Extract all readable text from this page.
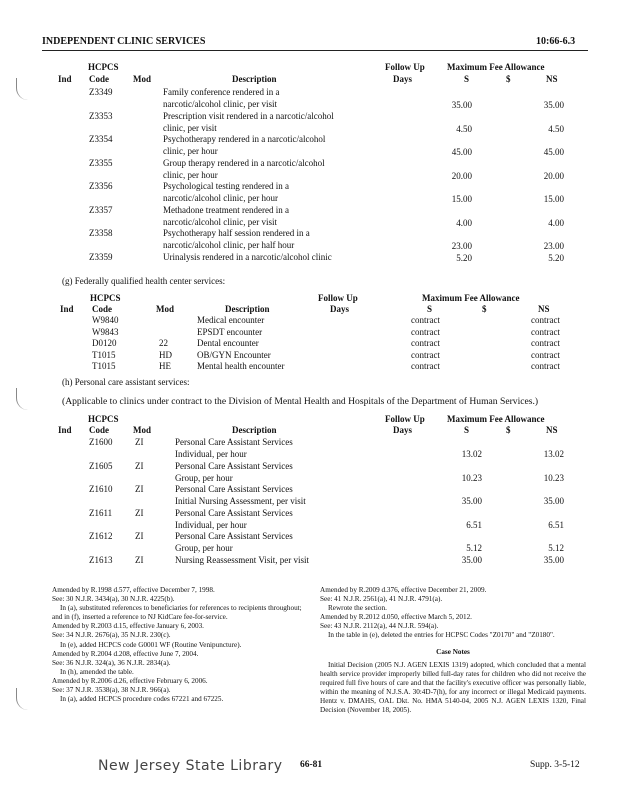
INDEPENDENT CLINIC SERVICES	10:66-6.3
HCPCS	Follow Up Maximum Fee Allowance
Ind Code	Mod	Description	Days	S	$	NS
Z3349	Family conference rendered in a
narcotic/alcohol clinic, per visit	35.00	35.00
Z3353	Prescription visit rendered in a narcotic/alcohol
clinic, per visit	4.50	4.50
Z3354	Psychotherapy rendered in a narcotic/alcohol
clinic, per hour	45.00	45.00
Z3355	Group therapy rendered in a narcotic/alcohol
clinic, per hour	20.00	20.00
Z3356	Psychological testing rendered in a
narcotic/alcohol clinic, per hour	15.00	15.00
Z3357	Methadone treatment rendered in a
narcotic/alcohol clinic, per visit	4.00	4.00
Z3358	Psychotherapy half session rendered in a
narcotic/alcohol clinic, per half hour	23.00	23.00
Z3359	Urinalysis rendered in a narcotic/alcohol clinic	5.20	5.20
(g) Federally qualified health center services:
HCPCS	Follow Up	Maximum Fee Allowance
Ind Code	Mod	Description	Days	S	$	NS
W9840	Medical encounter	contract	contract
W9843	EPSDT encounter	contract	contract
D0120	22	Dental encounter	contract	contract
T1015	HD	OB/GYN Encounter	contract	contract
T1015	HE	Mental health encounter	contract	contract
(h) Personal care assistant services:
(Applicable to clinics under contract to the Division of Mental Health and Hospitals of the Department of Human Services.)
HCPCS	Follow Up Maximum Fee Allowance
Ind Code	Mod	Description	Days	S	$	NS
Z1600	ZI	Personal Care Assistant Services
Individual, per hour	13.02	13.02
Z1605	ZI	Personal Care Assistant Services
Group, per hour	10.23	10.23
Z1610	ZI	Personal Care Assistant Services
Initial Nursing Assessment, per visit	35.00	35.00
Z1611	ZI	Personal Care Assistant Services
Individual, per hour	6.51	6.51
Z1612	ZI	Personal Care Assistant Services
Group, per hour	5.12	5.12
Z1613	ZI	Nursing Reassessment Visit, per visit	35.00	35.00
Amended by R.1998 d.577, effective December 7, 1998.
See: 30 N.J.R. 3434(a), 30 N.J.R. 4225(b).
In (a), substituted references to beneficiaries for references to recipients throughout; and in (f), inserted a reference to NJ KidCare fee-for-service.
Amended by R.2003 d.15, effective January 6, 2003.
See: 34 N.J.R. 2676(a), 35 N.J.R. 230(c).
In (e), added HCPCS code G0001 WF (Routine Venipuncture).
Amended by R.2004 d.208, effective June 7, 2004.
See: 36 N.J.R. 324(a), 36 N.J.R. 2834(a).
In (h), amended the table.
Amended by R.2006 d.26, effective February 6, 2006.
See: 37 N.J.R. 3538(a), 38 N.J.R. 966(a).
In (a), added HCPCS procedure codes 67221 and 67225.
Amended by R.2009 d.376, effective December 21, 2009.
See: 41 N.J.R. 2561(a), 41 N.J.R. 4791(a).
Rewrote the section.
Amended by R.2012 d.050, effective March 5, 2012.
See: 43 N.J.R. 2112(a), 44 N.J.R. 594(a).
In the table in (e), deleted the entries for HCPSC Codes "Z0170" and "Z0180".
Case Notes
Initial Decision (2005 N.J. AGEN LEXIS 1319) adopted, which concluded that a mental health service provider improperly billed full-day rates for children who did not receive the required full five hours of care and that the facility's executive officer was personally liable, within the meaning of N.J.S.A. 30:4D-7(h), for any incorrect or illegal Medicaid payments. Hentz v. DMAHS, OAL Dkt. No. HMA 5140-04, 2005 N.J. AGEN LEXIS 1320, Final Decision (November 18, 2005).
New Jersey State Library 66-81	Supp. 3-5-12
